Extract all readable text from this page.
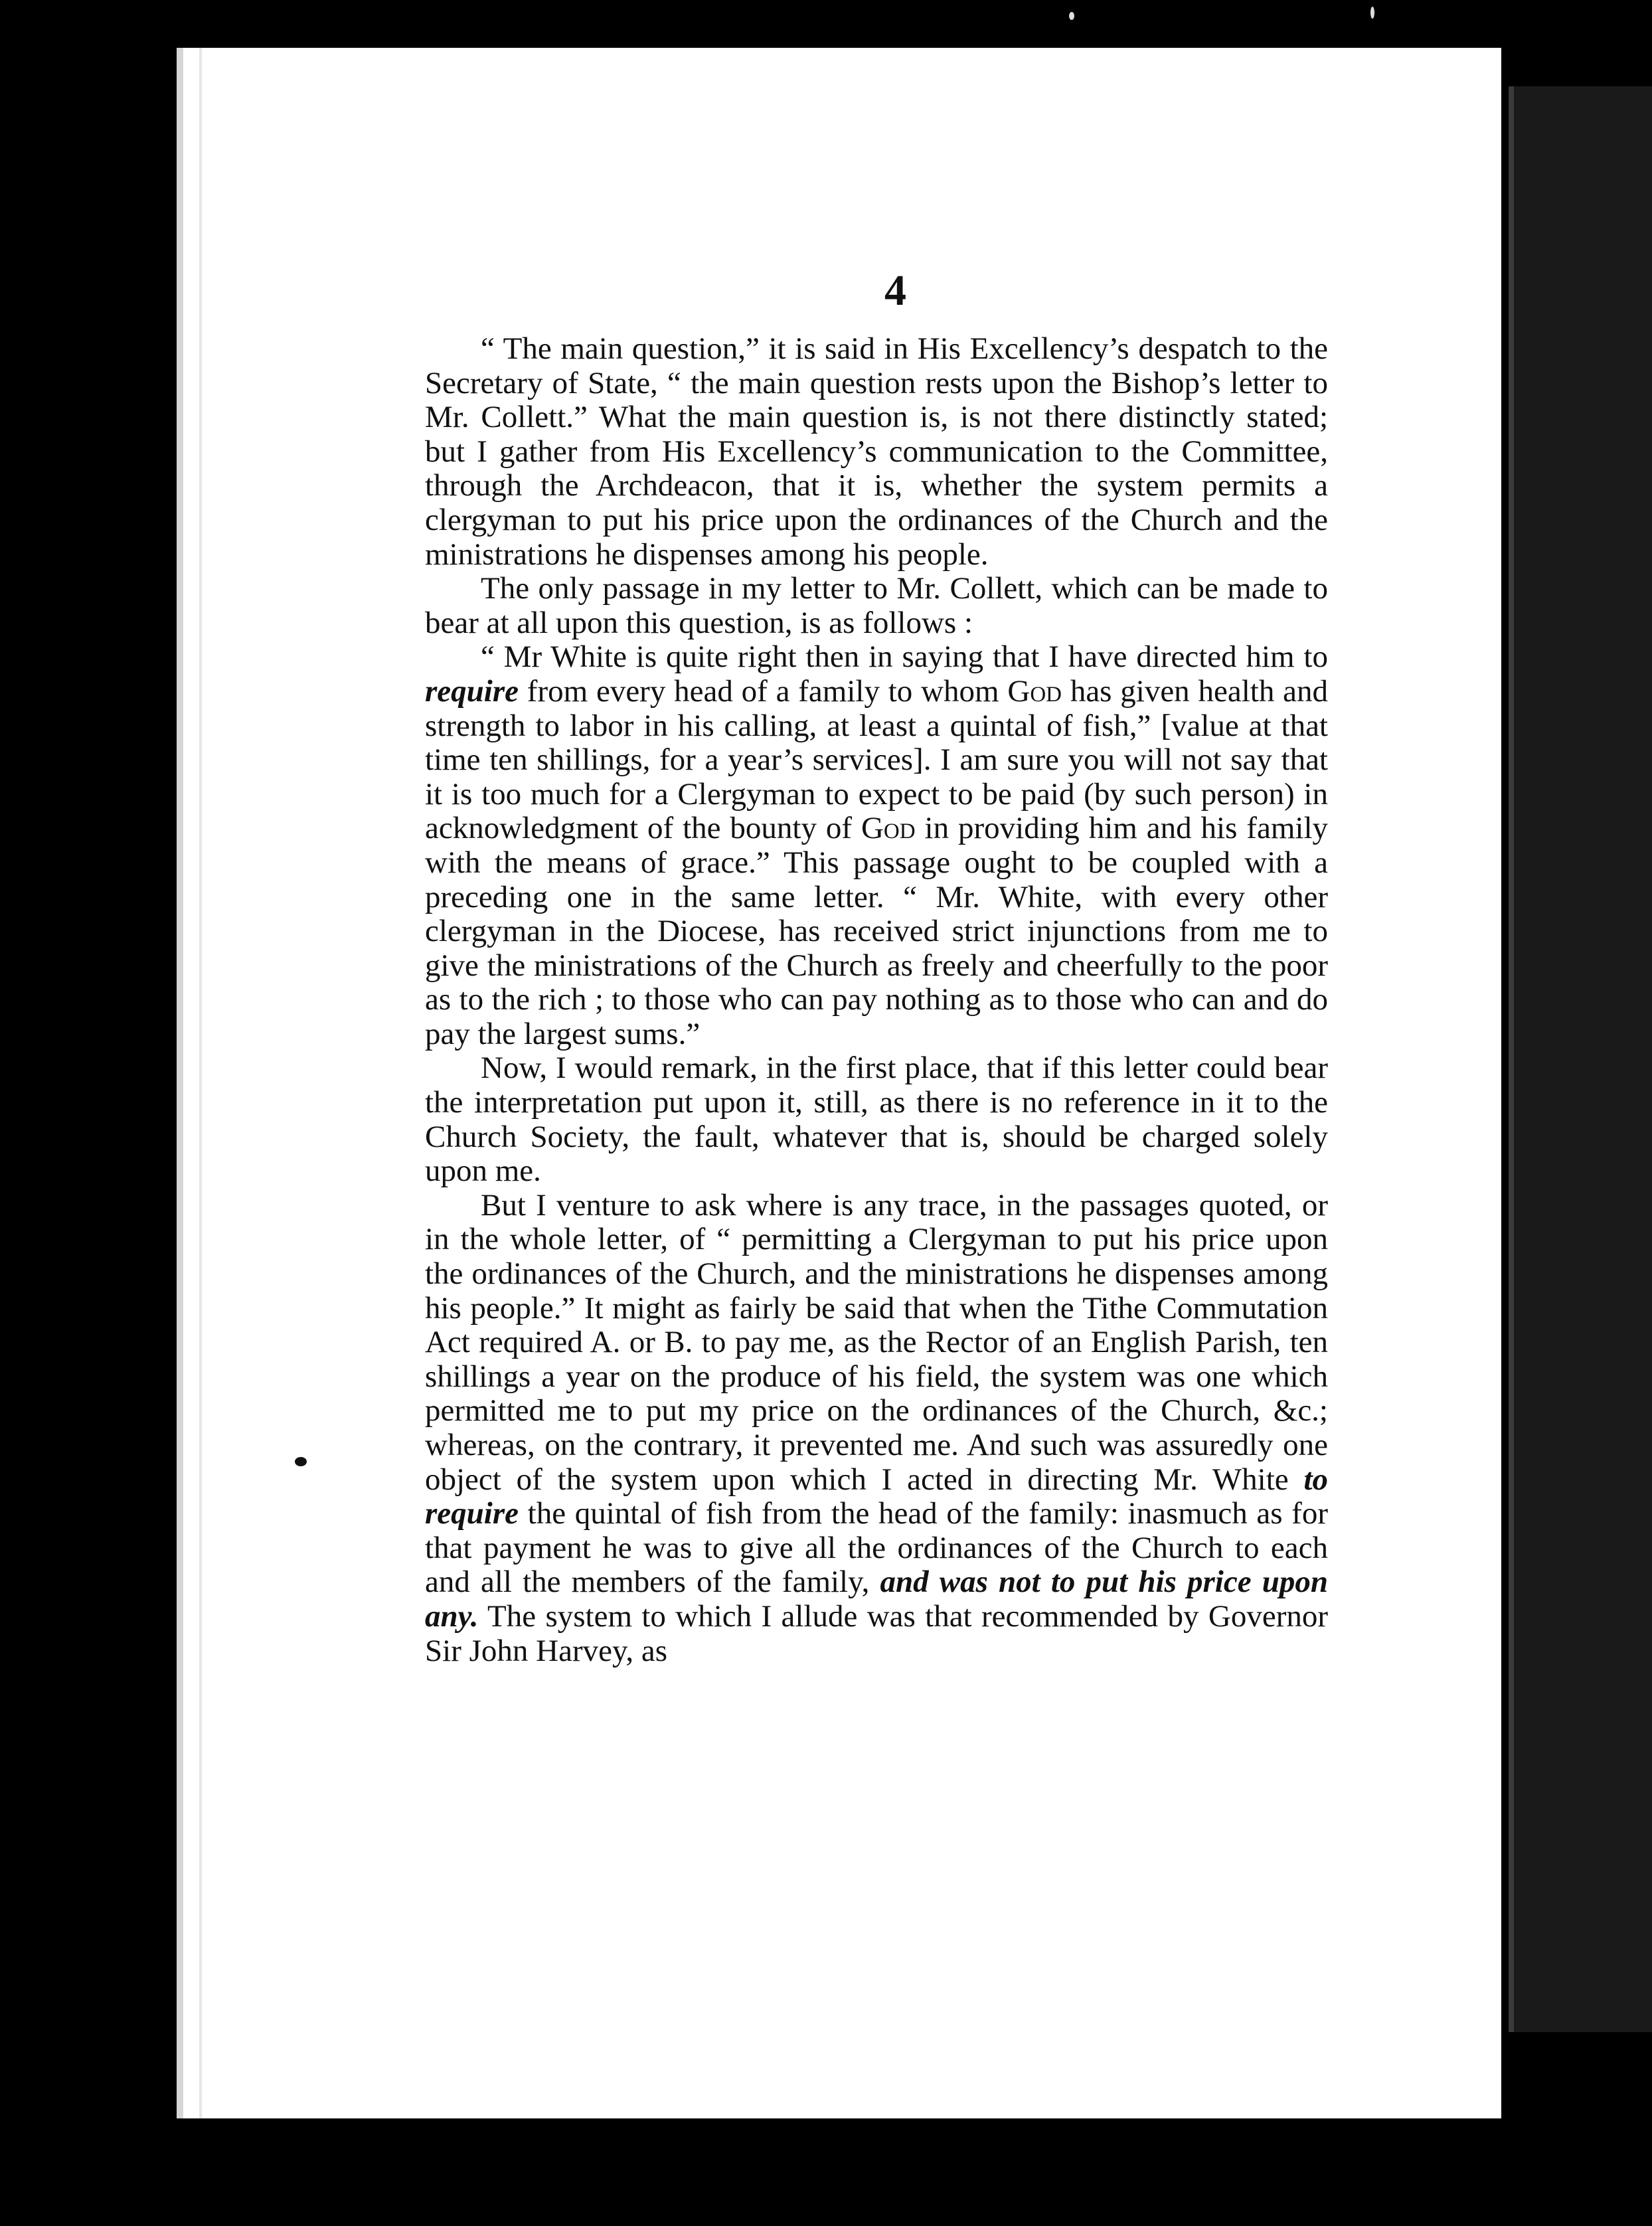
4

“ The main question,” it is said in His Excellency’s despatch to the Secretary of State, “ the main question rests upon the Bishop’s letter to Mr. Collett.” What the main question is, is not there distinctly stated; but I gather from His Excellency’s communication to the Committee, through the Archdeacon, that it is, whether the system permits a clergyman to put his price upon the ordinances of the Church and the ministrations he dispenses among his people.

The only passage in my letter to Mr. Collett, which can be made to bear at all upon this question, is as follows :

“ Mr White is quite right then in saying that I have directed him to require from every head of a family to whom God has given health and strength to labor in his calling, at least a quintal of fish,” [value at that time ten shillings, for a year’s services]. I am sure you will not say that it is too much for a Clergyman to expect to be paid (by such person) in acknowledgment of the bounty of God in providing him and his family with the means of grace.” This passage ought to be coupled with a preceding one in the same letter. “ Mr. White, with every other clergyman in the Diocese, has received strict injunctions from me to give the ministrations of the Church as freely and cheerfully to the poor as to the rich ; to those who can pay nothing as to those who can and do pay the largest sums.”

Now, I would remark, in the first place, that if this letter could bear the interpretation put upon it, still, as there is no reference in it to the Church Society, the fault, whatever that is, should be charged solely upon me.

But I venture to ask where is any trace, in the passages quoted, or in the whole letter, of “ permitting a Clergyman to put his price upon the ordinances of the Church, and the ministrations he dispenses among his people.” It might as fairly be said that when the Tithe Commutation Act required A. or B. to pay me, as the Rector of an English Parish, ten shillings a year on the produce of his field, the system was one which permitted me to put my price on the ordinances of the Church, &c.; whereas, on the contrary, it prevented me. And such was assuredly one object of the system upon which I acted in directing Mr. White to require the quintal of fish from the head of the family: inasmuch as for that payment he was to give all the ordinances of the Church to each and all the members of the family, and was not to put his price upon any. The system to which I allude was that recommended by Governor Sir John Harvey, as
